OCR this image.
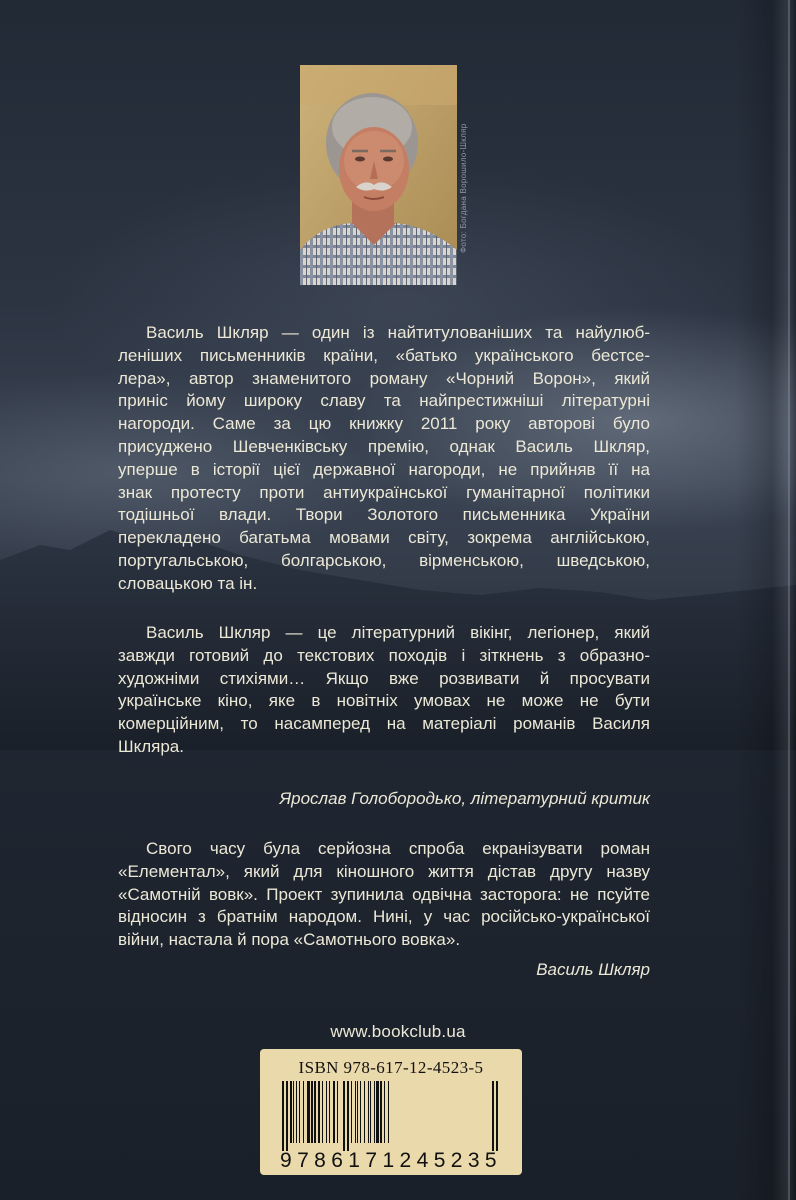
Фото: Богдана Ворошило-Шкляр
Василь Шкляр — один із найтитулованіших та найулюб-
леніших письменників країни, «батько українського бестсе-
лера», автор знаменитого роману «Чорний Ворон», який
приніс йому широку славу та найпрестижніші літературні
нагороди. Саме за цю книжку 2011 року авторові було
присуджено Шевченківську премію, однак Василь Шкляр,
уперше в історії цієї державної нагороди, не прийняв її на
знак протесту проти антиукраїнської гуманітарної політики
тодішньої влади. Твори Золотого письменника України
перекладено багатьма мовами світу, зокрема англійською,
португальською, болгарською, вірменською, шведською,
словацькою та ін.
Василь Шкляр — це літературний вікінг, легіонер, який
завжди готовий до текстових походів і зіткнень з образно-
художніми стихіями… Якщо вже розвивати й просувати
українське кіно, яке в новітніх умовах не може не бути
комерційним, то насамперед на матеріалі романів Василя
Шкляра.
Ярослав Голобородько, літературний критик
Свого часу була серйозна спроба екранізувати роман
«Елементал», який для кіношного життя дістав другу назву
«Самотній вовк». Проект зупинила одвічна засторога: не псуйте
відносин з братнім народом. Нині, у час російсько-української
війни, настала й пора «Самотнього вовка».
Василь Шкляр
www.bookclub.ua
ISBN 978-617-12-4523-5
9786171245235
